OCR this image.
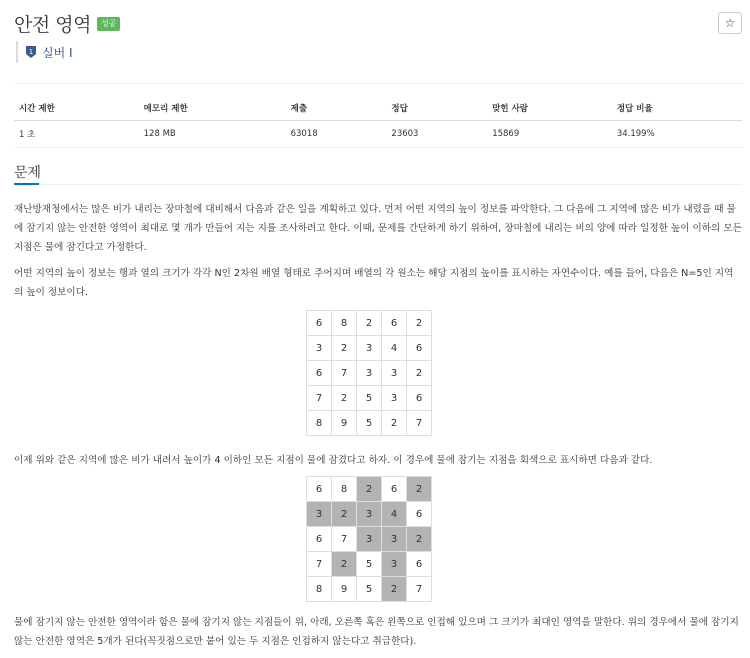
안전 영역	성공	☆
1 실버 I
시간 제한	메모리 제한	제출	정답	맞힌 사람	정답 비율
1 초	128 MB	63018	23603	15869	34.199%
문제

재난방재청에서는 많은 비가 내리는 장마철에 대비해서 다음과 같은 일을 계획하고 있다. 먼저 어떤 지역의 높이 정보를 파악한다. 그 다음에 그 지역에 많은 비가 내렸을 때 물에 잠기지 않는 안전한 영역이 최대로 몇 개가 만들어 지는 지를 조사하려고 한다. 이때, 문제를 간단하게 하기 위하여, 장마철에 내리는 비의 양에 따라 일정한 높이 이하의 모든 지점은 물에 잠긴다고 가정한다.

어떤 지역의 높이 정보는 행과 열의 크기가 각각 N인 2차원 배열 형태로 주어지며 배열의 각 원소는 해당 지점의 높이를 표시하는 자연수이다. 예를 들어, 다음은 N=5인 지역의 높이 정보이다.

6	8	2	6	2
3	2	3	4	6
6	7	3	3	2
7	2	5	3	6
8	9	5	2	7

이제 위와 같은 지역에 많은 비가 내려서 높이가 4 이하인 모든 지점이 물에 잠겼다고 하자. 이 경우에 물에 잠기는 지점을 회색으로 표시하면 다음과 같다.

6	8	2	6	2
3	2	3	4	6
6	7	3	3	2
7	2	5	3	6
8	9	5	2	7

물에 잠기지 않는 안전한 영역이라 함은 물에 잠기지 않는 지점들이 위, 아래, 오른쪽 혹은 왼쪽으로 인접해 있으며 그 크기가 최대인 영역을 말한다. 위의 경우에서 물에 잠기지 않는 안전한 영역은 5개가 된다(꼭짓점으로만 붙어 있는 두 지점은 인접하지 않는다고 취급한다).
